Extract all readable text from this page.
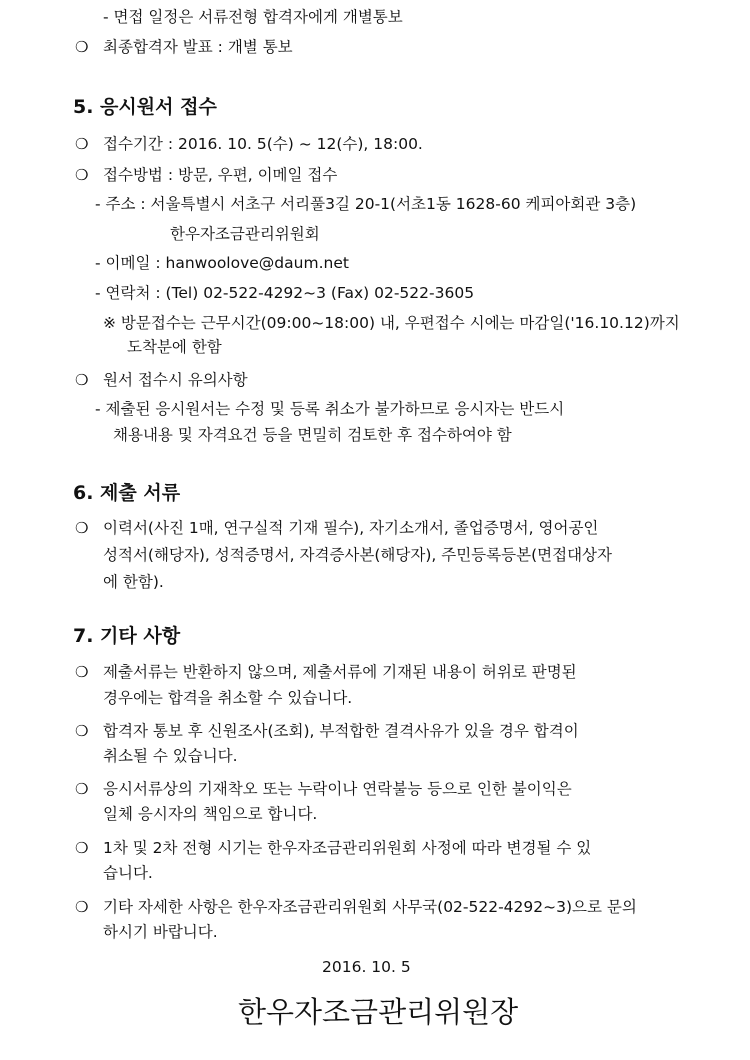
- 면접 일정은 서류전형 합격자에게 개별통보
❍ 최종합격자 발표 : 개별 통보
5. 응시원서 접수
❍ 접수기간 : 2016. 10. 5(수) ~ 12(수), 18:00.
❍ 접수방법 : 방문, 우편, 이메일 접수
- 주소 : 서울특별시 서초구 서리풀3길 20-1(서초1동 1628-60 케피아회관 3층)
한우자조금관리위원회
- 이메일 : hanwoolove@daum.net
- 연락처 : (Tel) 02-522-4292~3 (Fax) 02-522-3605
※ 방문접수는 근무시간(09:00~18:00) 내, 우편접수 시에는 마감일('16.10.12)까지
도착분에 한함
❍ 원서 접수시 유의사항
- 제출된 응시원서는 수정 및 등록 취소가 불가하므로 응시자는 반드시
채용내용 및 자격요건 등을 면밀히 검토한 후 접수하여야 함
6. 제출 서류
❍ 이력서(사진 1매, 연구실적 기재 필수), 자기소개서, 졸업증명서, 영어공인
성적서(해당자), 성적증명서, 자격증사본(해당자), 주민등록등본(면접대상자
에 한함).
7. 기타 사항
❍ 제출서류는 반환하지 않으며, 제출서류에 기재된 내용이 허위로 판명된
경우에는 합격을 취소할 수 있습니다.
❍ 합격자 통보 후 신원조사(조회), 부적합한 결격사유가 있을 경우 합격이
취소될 수 있습니다.
❍ 응시서류상의 기재착오 또는 누락이나 연락불능 등으로 인한 불이익은
일체 응시자의 책임으로 합니다.
❍ 1차 및 2차 전형 시기는 한우자조금관리위원회 사정에 따라 변경될 수 있
습니다.
❍ 기타 자세한 사항은 한우자조금관리위원회 사무국(02-522-4292~3)으로 문의
하시기 바랍니다.
2016. 10. 5
한우자조금관리위원장
